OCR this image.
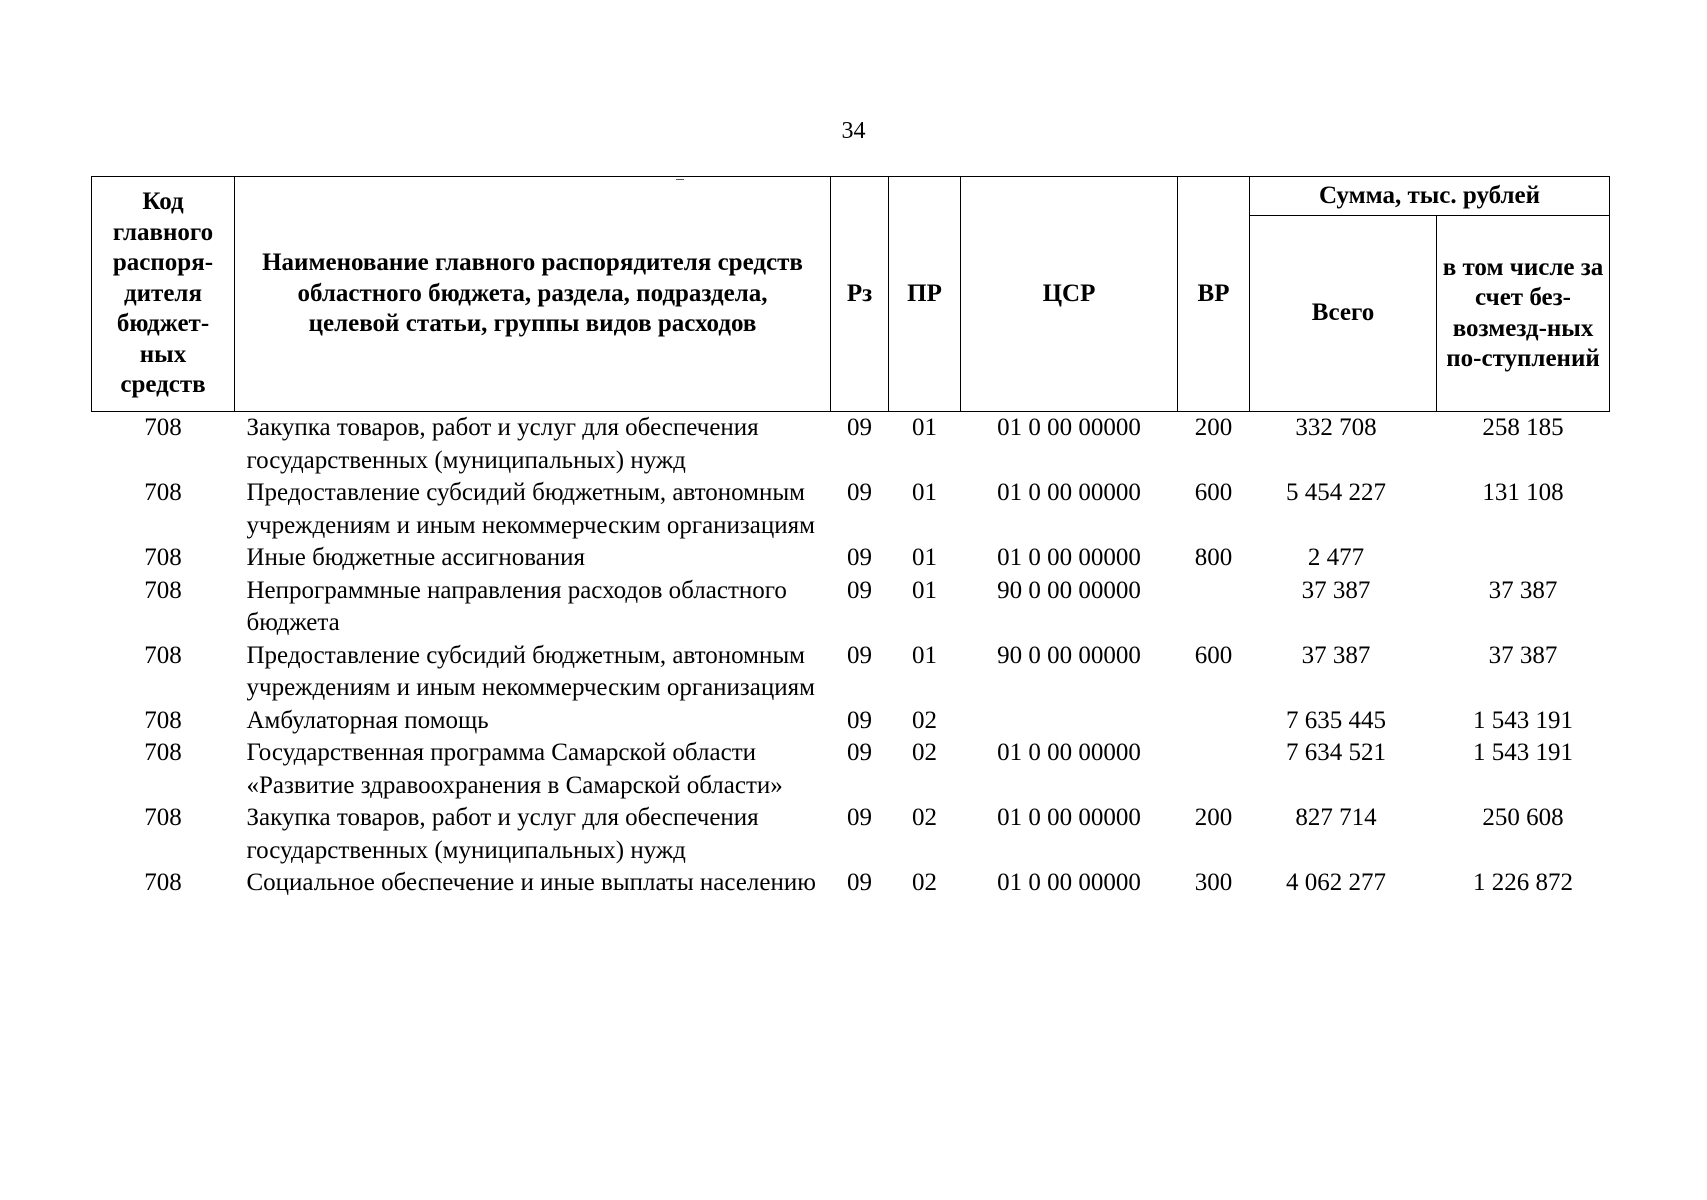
34
Код главного распоря-дителя бюджет-ных средств	Наименование главного распорядителя средств областного бюджета, раздела, подраздела, целевой статьи, группы видов расходов	Рз	ПР	ЦСР	ВР	Сумма, тыс. рублей	
						Всего	в том числе за счет без-возмезд-ных по-ступлений
708	Закупка товаров, работ и услуг для обеспечения государственных (муниципальных) нужд	09	01	01 0 00 00000	200	332 708	258 185
708	Предоставление субсидий бюджетным, автономным учреждениям и иным некоммерческим организациям	09	01	01 0 00 00000	600	5 454 227	131 108
708	Иные бюджетные ассигнования	09	01	01 0 00 00000	800	2 477	
708	Непрограммные направления расходов областного бюджета	09	01	90 0 00 00000		37 387	37 387
708	Предоставление субсидий бюджетным, автономным учреждениям и иным некоммерческим организациям	09	01	90 0 00 00000	600	37 387	37 387
708	Амбулаторная помощь	09	02			7 635 445	1 543 191
708	Государственная программа Самарской области «Развитие здравоохранения в Самарской области»	09	02	01 0 00 00000		7 634 521	1 543 191
708	Закупка товаров, работ и услуг для обеспечения государственных (муниципальных) нужд	09	02	01 0 00 00000	200	827 714	250 608
708	Социальное обеспечение и иные выплаты населению	09	02	01 0 00 00000	300	4 062 277	1 226 872
